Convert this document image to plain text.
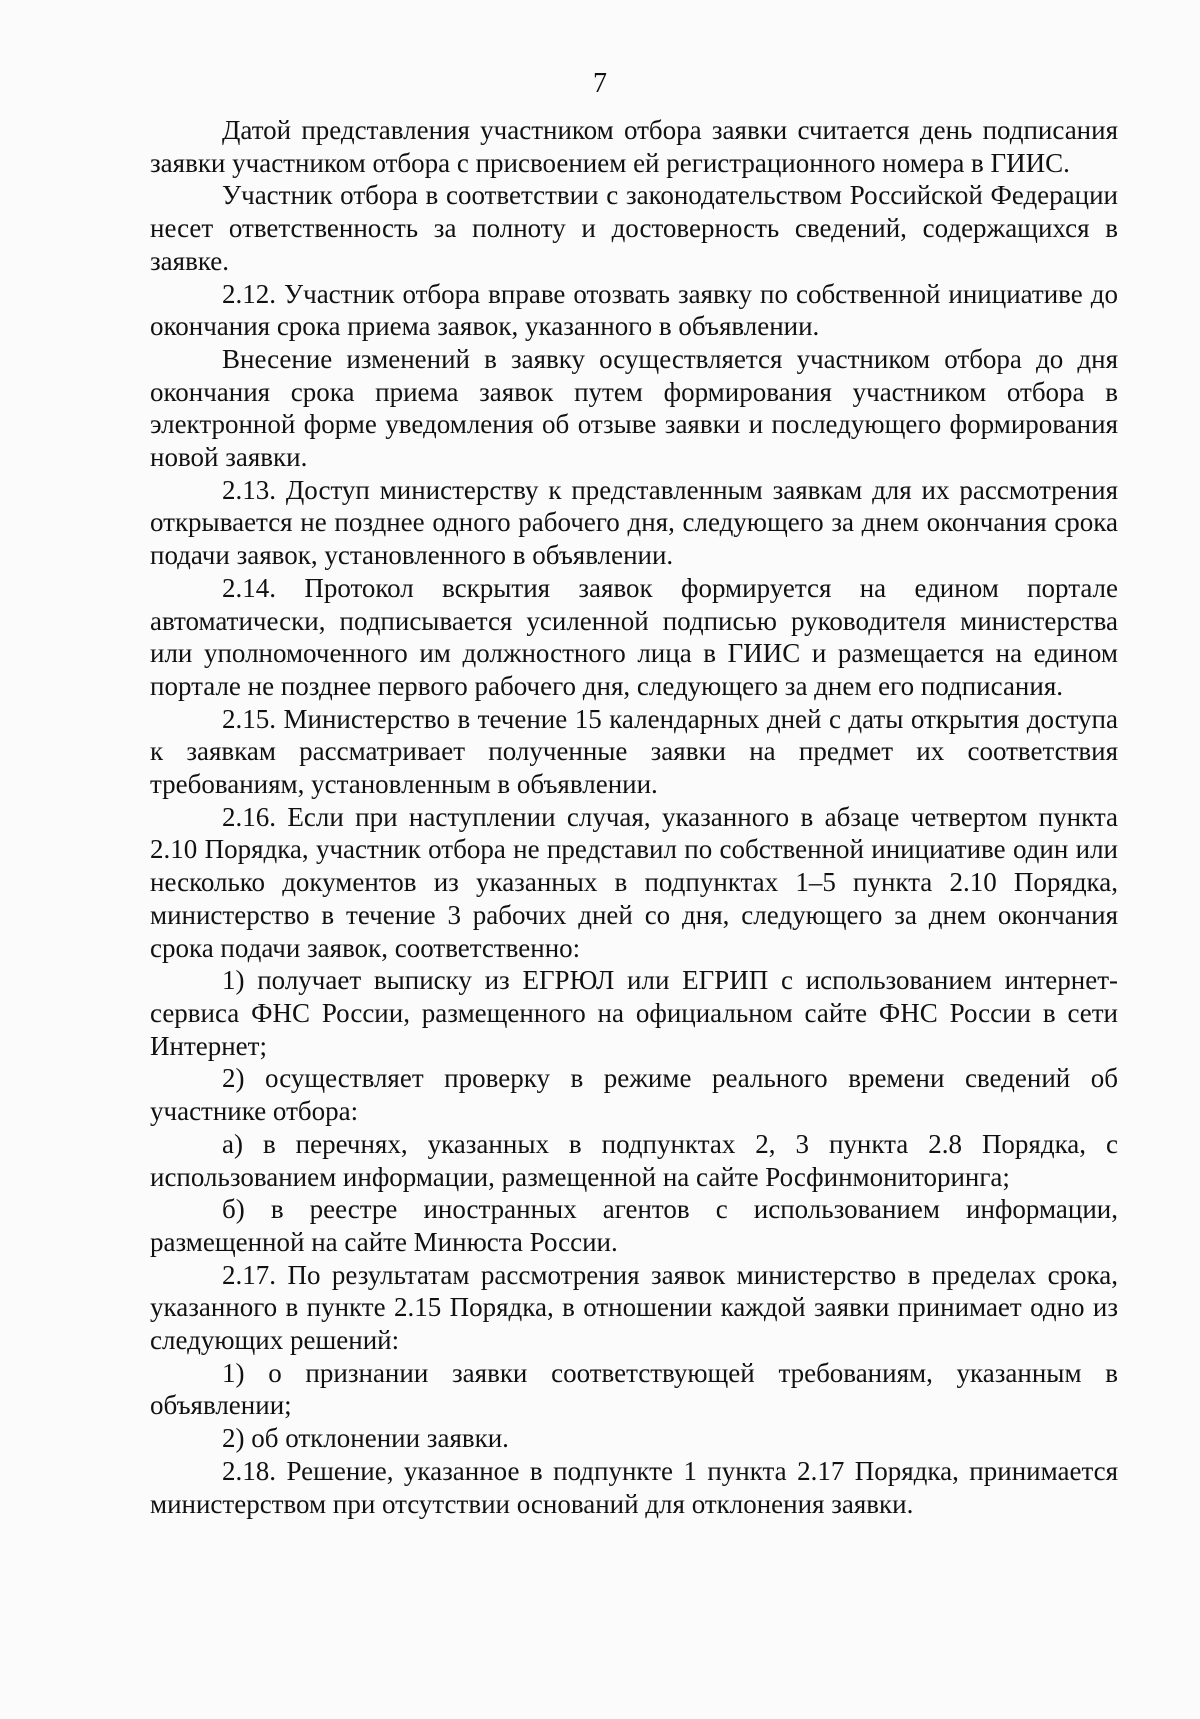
7

Датой представления участником отбора заявки считается день подписания заявки участником отбора с присвоением ей регистрационного номера в ГИИС.

Участник отбора в соответствии с законодательством Российской Федерации несет ответственность за полноту и достоверность сведений, содержащихся в заявке.

2.12. Участник отбора вправе отозвать заявку по собственной инициативе до окончания срока приема заявок, указанного в объявлении.

Внесение изменений в заявку осуществляется участником отбора до дня окончания срока приема заявок путем формирования участником отбора в электронной форме уведомления об отзыве заявки и последующего формирования новой заявки.

2.13. Доступ министерству к представленным заявкам для их рассмотрения открывается не позднее одного рабочего дня, следующего за днем окончания срока подачи заявок, установленного в объявлении.

2.14. Протокол вскрытия заявок формируется на едином портале автоматически, подписывается усиленной подписью руководителя министерства или уполномоченного им должностного лица в ГИИС и размещается на едином портале не позднее первого рабочего дня, следующего за днем его подписания.

2.15. Министерство в течение 15 календарных дней с даты открытия доступа к заявкам рассматривает полученные заявки на предмет их соответствия требованиям, установленным в объявлении.

2.16. Если при наступлении случая, указанного в абзаце четвертом пункта 2.10 Порядка, участник отбора не представил по собственной инициативе один или несколько документов из указанных в подпунктах 1–5 пункта 2.10 Порядка, министерство в течение 3 рабочих дней со дня, следующего за днем окончания срока подачи заявок, соответственно:

1) получает выписку из ЕГРЮЛ или ЕГРИП с использованием интернет-сервиса ФНС России, размещенного на официальном сайте ФНС России в сети Интернет;

2) осуществляет проверку в режиме реального времени сведений об участнике отбора:

а) в перечнях, указанных в подпунктах 2, 3 пункта 2.8 Порядка, с использованием информации, размещенной на сайте Росфинмониторинга;

б) в реестре иностранных агентов с использованием информации, размещенной на сайте Минюста России.

2.17. По результатам рассмотрения заявок министерство в пределах срока, указанного в пункте 2.15 Порядка, в отношении каждой заявки принимает одно из следующих решений:

1) о признании заявки соответствующей требованиям, указанным в объявлении;

2) об отклонении заявки.

2.18. Решение, указанное в подпункте 1 пункта 2.17 Порядка, принимается министерством при отсутствии оснований для отклонения заявки.
